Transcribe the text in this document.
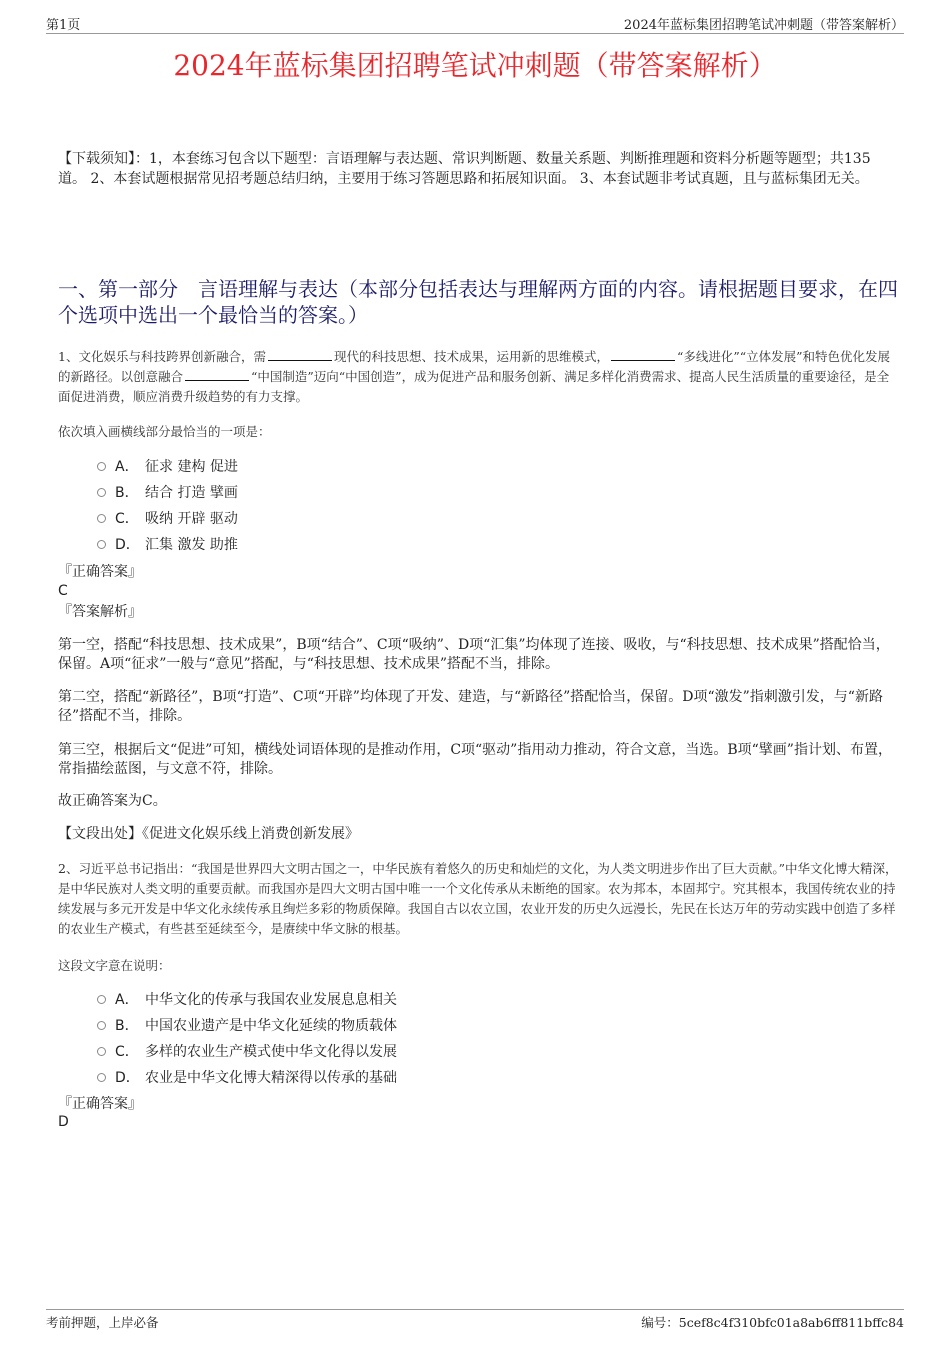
第1页	2024年蓝标集团招聘笔试冲刺题（带答案解析）
2024年蓝标集团招聘笔试冲刺题（带答案解析）
【下载须知】：1，本套练习包含以下题型：言语理解与表达题、常识判断题、数量关系题、判断推理题和资料分析题等题型；共135道。 2、本套试题根据常见招考题总结归纳，主要用于练习答题思路和拓展知识面。 3、本套试题非考试真题，且与蓝标集团无关。
一、第一部分　言语理解与表达（本部分包括表达与理解两方面的内容。请根据题目要求，在四个选项中选出一个最恰当的答案。）
1、文化娱乐与科技跨界创新融合，需	现代的科技思想、技术成果，运用新的思维模式，	“多线进化”“立体发展”和特色优化发展的新路径。以创意融合	“中国制造”迈向“中国创造”，成为促进产品和服务创新、满足多样化消费需求、提高人民生活质量的重要途径，是全面促进消费，顺应消费升级趋势的有力支撑。
依次填入画横线部分最恰当的一项是：
A． 征求 建构 促进
B． 结合 打造 擘画
C． 吸纳 开辟 驱动
D． 汇集 激发 助推
『正确答案』
C
『答案解析』
第一空，搭配“科技思想、技术成果”，B项“结合”、C项“吸纳”、D项“汇集”均体现了连接、吸收，与“科技思想、技术成果”搭配恰当，保留。A项“征求”一般与“意见”搭配，与“科技思想、技术成果”搭配不当，排除。
第二空，搭配“新路径”，B项“打造”、C项“开辟”均体现了开发、建造，与“新路径”搭配恰当，保留。D项“激发”指刺激引发，与“新路径”搭配不当，排除。
第三空，根据后文“促进”可知，横线处词语体现的是推动作用，C项“驱动”指用动力推动，符合文意，当选。B项“擘画”指计划、布置，常指描绘蓝图，与文意不符，排除。
故正确答案为C。
【文段出处】《促进文化娱乐线上消费创新发展》
2、习近平总书记指出：“我国是世界四大文明古国之一，中华民族有着悠久的历史和灿烂的文化，为人类文明进步作出了巨大贡献。”中华文化博大精深，是中华民族对人类文明的重要贡献。而我国亦是四大文明古国中唯一一个文化传承从未断绝的国家。农为邦本，本固邦宁。究其根本，我国传统农业的持续发展与多元开发是中华文化永续传承且绚烂多彩的物质保障。我国自古以农立国，农业开发的历史久远漫长，先民在长达万年的劳动实践中创造了多样的农业生产模式，有些甚至延续至今，是赓续中华文脉的根基。
这段文字意在说明：
A． 中华文化的传承与我国农业发展息息相关
B． 中国农业遗产是中华文化延续的物质载体
C． 多样的农业生产模式使中华文化得以发展
D． 农业是中华文化博大精深得以传承的基础
『正确答案』
D
考前押题，上岸必备	编号：5cef8c4f310bfc01a8ab6ff811bffc84
